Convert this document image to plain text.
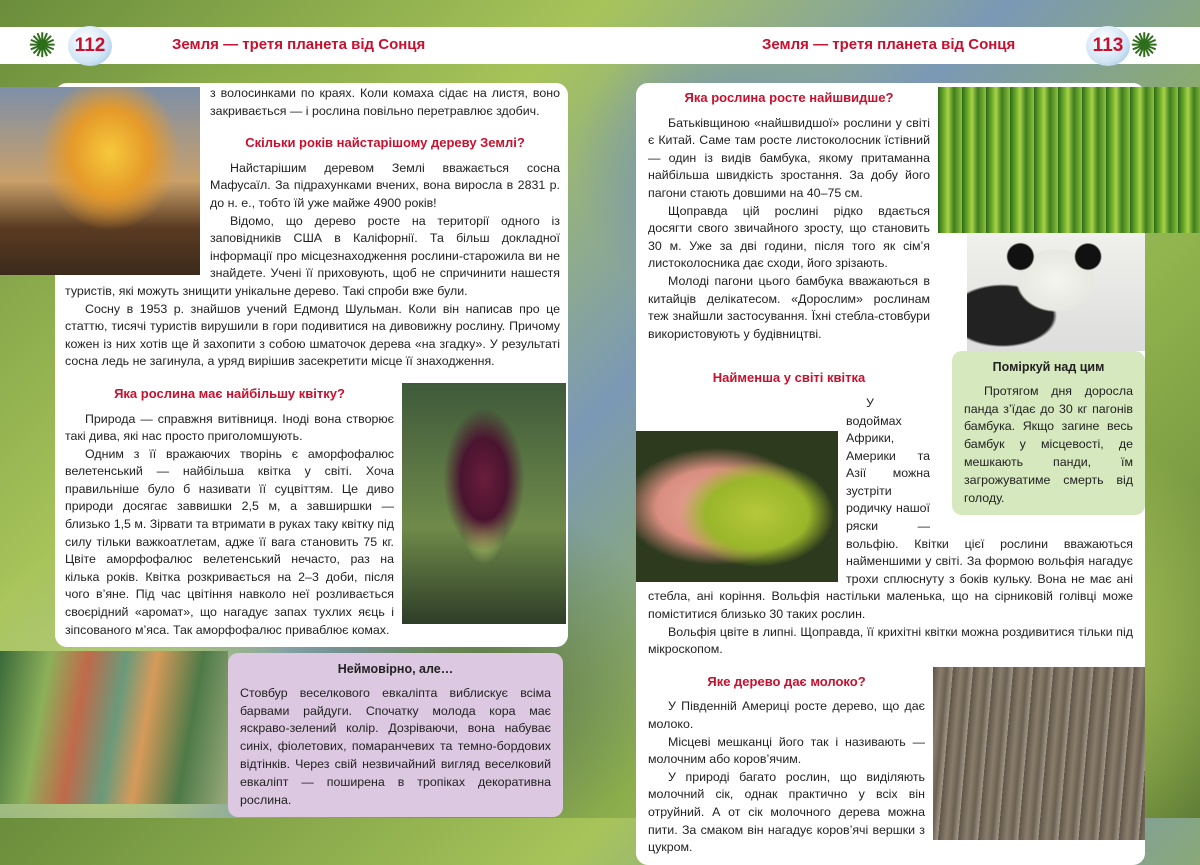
✺ 112	Земля — третя планета від Сонця	Земля — третя планета від Сонця	113 ✺

з волосинками по краях. Коли комаха сідає на листя, воно закривається — і рослина повільно перетравлює здобич.

Скільки років найстарішому дереву Землі?

Найстарішим деревом Землі вважається сосна Мафусаїл. За підрахунками вчених, вона виросла в 2831 р. до н. е., тобто їй уже майже 4900 років!

Відомо, що дерево росте на території одного із заповідників США в Каліфорнії. Та більш докладної інформації про місцезнаходження рослини-старожила ви не знайдете. Учені її приховують, щоб не спричинити нашестя туристів, які можуть знищити унікальне дерево. Такі спроби вже були.

Сосну в 1953 р. знайшов учений Едмонд Шульман. Коли він написав про це статтю, тисячі туристів вирушили в гори подивитися на дивовижну рослину. Причому кожен із них хотів ще й захопити з собою шматочок дерева «на згадку». У результаті сосна ледь не загинула, а уряд вирішив засекретити місце її знаходження.

Яка рослина має найбільшу квітку?

Природа — справжня витівниця. Іноді вона створює такі дива, які нас просто приголомшують.

Одним з її вражаючих творінь є аморфофалюс велетенський — найбільша квітка у світі. Хоча правильніше було б називати її суцвіттям. Це диво природи досягає заввишки 2,5 м, а завширшки — близько 1,5 м. Зірвати та втримати в руках таку квітку під силу тільки важкоатлетам, адже її вага становить 75 кг. Цвіте аморфофалюс велетенський нечасто, раз на кілька років. Квітка розкривається на 2–3 доби, після чого в’яне. Під час цвітіння навколо неї розливається своєрідний «аромат», що нагадує запах тухлих яєць і зіпсованого м’яса. Так аморфофалюс приваблює комах.

Неймовірно, але…

Стовбур веселкового евкаліпта виблискує всіма барвами райдуги. Спочатку молода кора має яскраво-зелений колір. Дозріваючи, вона набуває синіх, фіолетових, помаранчевих та темно-бордових відтінків. Через свій незвичайний вигляд веселковий евкаліпт — поширена в тропіках декоративна рослина.

Поміркуй над цим

Протягом дня доросла панда з’їдає до 30 кг пагонів бамбука. Якщо загине весь бамбук у місцевості, де мешкають панди, їм загрожуватиме смерть від голоду.

Яка рослина росте найшвидше?

Батьківщиною «найшвидшої» рослини у світі є Китай. Саме там росте листоколосник їстівний — один із видів бамбука, якому притаманна найбільша швидкість зростання. За добу його пагони стають довшими на 40–75 см.

Щоправда цій рослині рідко вдається досягти свого звичайного зросту, що становить 30 м. Уже за дві години, після того як сім’я листоколосника дає сходи, його зрізають.

Молоді пагони цього бамбука вважаються в китайців делікатесом. «Дорослим» рослинам теж знайшли застосування. Їхні стебла-стовбури використовують у будівництві.

Найменша у світі квітка

У водоймах Африки, Америки та Азії можна зустріти родичку нашої ряски — вольфію. Квітки цієї рослини вважаються найменшими у світі. За формою вольфія нагадує трохи сплюснуту з боків кульку. Вона не має ані стебла, ані коріння. Вольфія настільки маленька, що на сірниковій голівці може поміститися близько 30 таких рослин.

Вольфія цвіте в липні. Щоправда, її крихітні квітки можна роздивитися тільки під мікроскопом.

Яке дерево дає молоко?

У Південній Америці росте дерево, що дає молоко.

Місцеві мешканці його так і називають — молочним або коров’ячим.

У природі багато рослин, що виділяють молочний сік, однак практично у всіх він отруйний. А от сік молочного дерева можна пити. За смаком він нагадує коров’ячі вершки з цукром.
